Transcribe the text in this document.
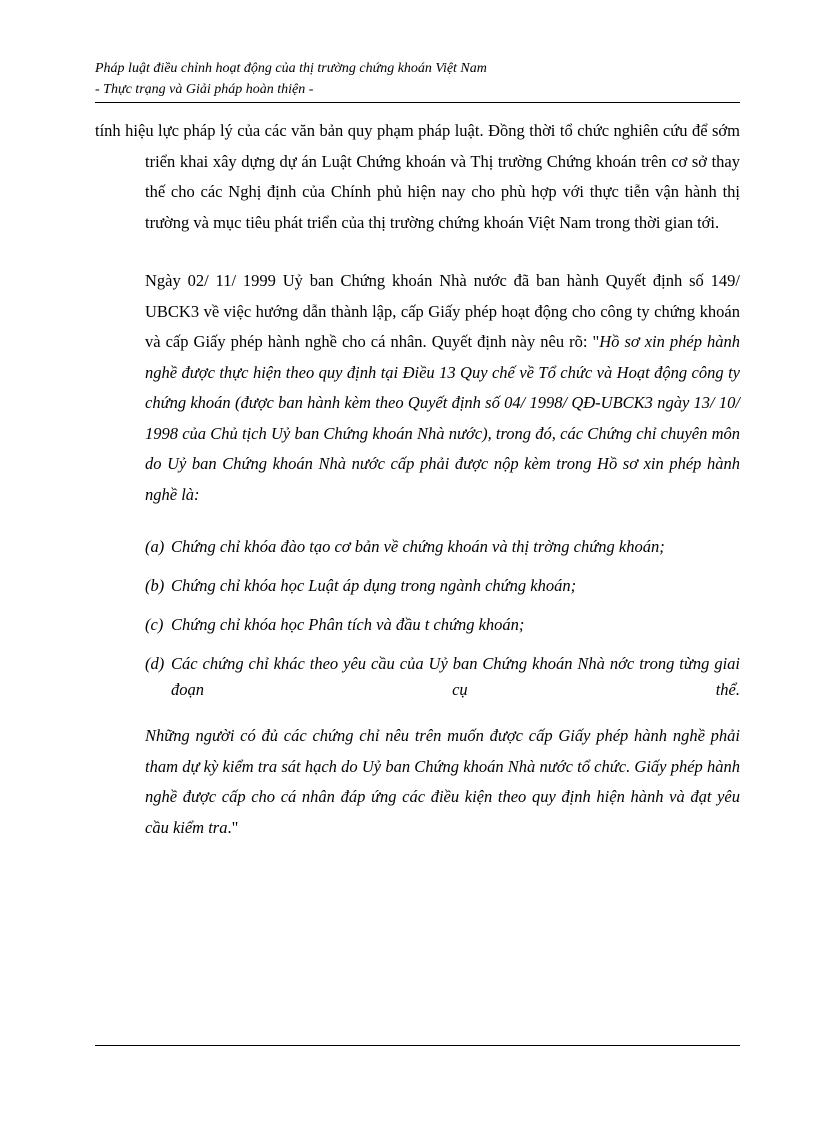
Pháp luật điều chỉnh hoạt động của thị trường chứng khoán Việt Nam
- Thực trạng và Giải pháp hoàn thiện -

tính hiệu lực pháp lý của các văn bản quy phạm pháp luật. Đồng thời tổ chức nghiên cứu để sớm triển khai xây dựng dự án Luật Chứng khoán và Thị trường Chứng khoán trên cơ sở thay thế cho các Nghị định của Chính phủ hiện nay cho phù hợp với thực tiễn vận hành thị trường và mục tiêu phát triển của thị trường chứng khoán Việt Nam trong thời gian tới.

Ngày 02/ 11/ 1999 Uỷ ban Chứng khoán Nhà nước đã ban hành Quyết định số 149/ UBCK3 về việc hướng dẫn thành lập, cấp Giấy phép hoạt động cho công ty chứng khoán và cấp Giấy phép hành nghề cho cá nhân. Quyết định này nêu rõ: "Hồ sơ xin phép hành nghề được thực hiện theo quy định tại Điều 13 Quy chế về Tổ chức và Hoạt động công ty chứng khoán (được ban hành kèm theo Quyết định số 04/ 1998/ QĐ-UBCK3 ngày 13/ 10/ 1998 của Chủ tịch Uỷ ban Chứng khoán Nhà nước), trong đó, các Chứng chỉ chuyên môn do Uỷ ban Chứng khoán Nhà nước cấp phải được nộp kèm trong Hồ sơ xin phép hành nghề là:

(a) Chứng chỉ khóa đào tạo cơ bản về chứng khoán và thị trờng chứng khoán;
(b) Chứng chỉ khóa học Luật áp dụng trong ngành chứng khoán;
(c) Chứng chỉ khóa học Phân tích và đầu t chứng khoán;
(d) Các chứng chỉ khác theo yêu cầu của Uỷ ban Chứng khoán Nhà nớc trong từng giai đoạn cụ thể.

Những người có đủ các chứng chỉ nêu trên muốn được cấp Giấy phép hành nghề phải tham dự kỳ kiểm tra sát hạch do Uỷ ban Chứng khoán Nhà nước tổ chức. Giấy phép hành nghề được cấp cho cá nhân đáp ứng các điều kiện theo quy định hiện hành và đạt yêu cầu kiểm tra."
